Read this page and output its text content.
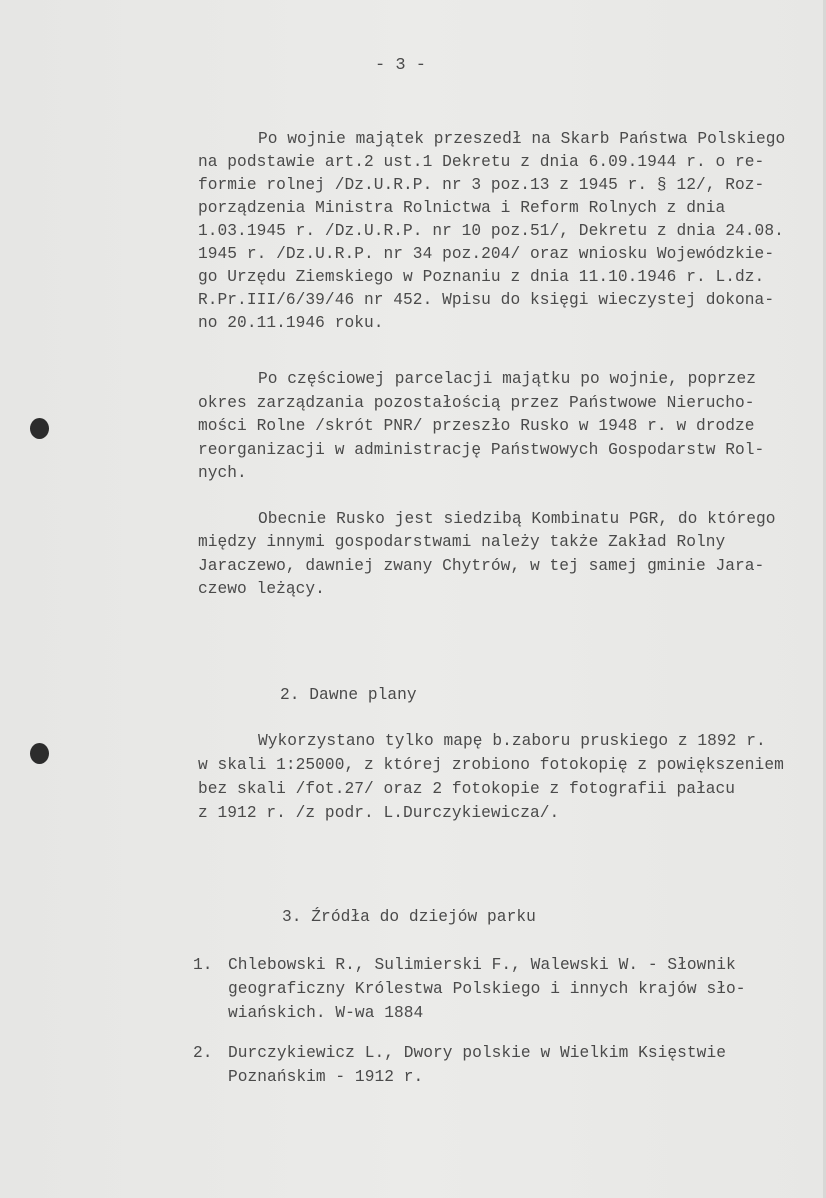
- 3 -
Po wojnie majątek przeszedł na Skarb Państwa Polskiego
na podstawie art.2 ust.1 Dekretu z dnia 6.09.1944 r. o re-
formie rolnej /Dz.U.R.P. nr 3 poz.13 z 1945 r. § 12/, Roz-
porządzenia Ministra Rolnictwa i Reform Rolnych z dnia
1.03.1945 r. /Dz.U.R.P. nr 10 poz.51/, Dekretu z dnia 24.08.
1945 r. /Dz.U.R.P. nr 34 poz.204/ oraz wniosku Wojewódzkie-
go Urzędu Ziemskiego w Poznaniu z dnia 11.10.1946 r. L.dz.
R.Pr.III/6/39/46 nr 452. Wpisu do księgi wieczystej dokona-
no 20.11.1946 roku.
Po częściowej parcelacji majątku po wojnie, poprzez
okres zarządzania pozostałością przez Państwowe Nierucho-
mości Rolne /skrót PNR/ przeszło Rusko w 1948 r. w drodze
reorganizacji w administrację Państwowych Gospodarstw Rol-
nych.
Obecnie Rusko jest siedzibą Kombinatu PGR, do którego
między innymi gospodarstwami należy także Zakład Rolny
Jaraczewo, dawniej zwany Chytrów, w tej samej gminie Jara-
czewo leżący.
2. Dawne plany
Wykorzystano tylko mapę b.zaboru pruskiego z 1892 r.
w skali 1:25000, z której zrobiono fotokopię z powiększeniem
bez skali /fot.27/ oraz 2 fotokopie z fotografii pałacu
z 1912 r. /z podr. L.Durczykiewicza/.
3. Źródła do dziejów parku
1. Chlebowski R., Sulimierski F., Walewski W. - Słownik
geograficzny Królestwa Polskiego i innych krajów sło-
wiańskich. W-wa 1884
2. Durczykiewicz L., Dwory polskie w Wielkim Księstwie
Poznańskim - 1912 r.
